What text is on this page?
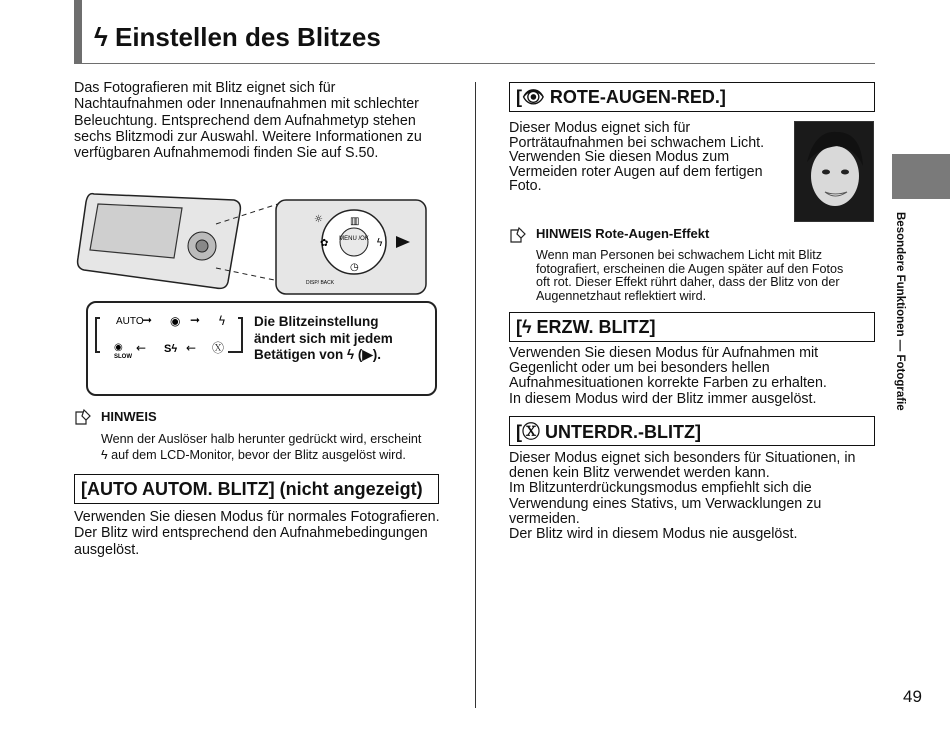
ϟ Einstellen des Blitzes
Das Fotografieren mit Blitz eignet sich für
Nachtaufnahmen oder Innenaufnahmen mit schlechter
Beleuchtung. Entsprechend dem Aufnahmetyp stehen
sechs Blitzmodi zur Auswahl. Weitere Informationen zu
verfügbaren Aufnahmemodi finden Sie auf S.50.
MENU /OK ϟ
✿
▥
◷
☼
DISP/ BACK
AUTO
➞ ◉ ➞ ϟ
◉
SLOW
← Sϟ ← Ⓧ
Die Blitzeinstellung
ändert sich mit jedem
Betätigen von ϟ (▶).
HINWEIS
Wenn der Auslöser halb herunter gedrückt wird, erscheint
ϟ auf dem LCD-Monitor, bevor der Blitz ausgelöst wird.
[AUTO AUTOM. BLITZ] (nicht angezeigt)
Verwenden Sie diesen Modus für normales Fotografieren.
Der Blitz wird entsprechend den Aufnahmebedingungen
ausgelöst.
[👁 ROTE-AUGEN-RED.]
Dieser Modus eignet sich für
Porträtaufnahmen bei schwachem Licht.
Verwenden Sie diesen Modus zum
Vermeiden roter Augen auf dem fertigen
Foto.
HINWEIS Rote-Augen-Effekt
Wenn man Personen bei schwachem Licht mit Blitz
fotografiert, erscheinen die Augen später auf den Fotos
oft rot. Dieser Effekt rührt daher, dass der Blitz von der
Augennetzhaut reflektiert wird.
[ϟ ERZW. BLITZ]
Verwenden Sie diesen Modus für Aufnahmen mit
Gegenlicht oder um bei besonders hellen
Aufnahmesituationen korrekte Farben zu erhalten.
In diesem Modus wird der Blitz immer ausgelöst.
[Ⓧ UNTERDR.-BLITZ]
Dieser Modus eignet sich besonders für Situationen, in
denen kein Blitz verwendet werden kann.
Im Blitzunterdrückungsmodus empfiehlt sich die
Verwendung eines Stativs, um Verwacklungen zu
vermeiden.
Der Blitz wird in diesem Modus nie ausgelöst.
Besondere Funktionen — Fotografie
49
